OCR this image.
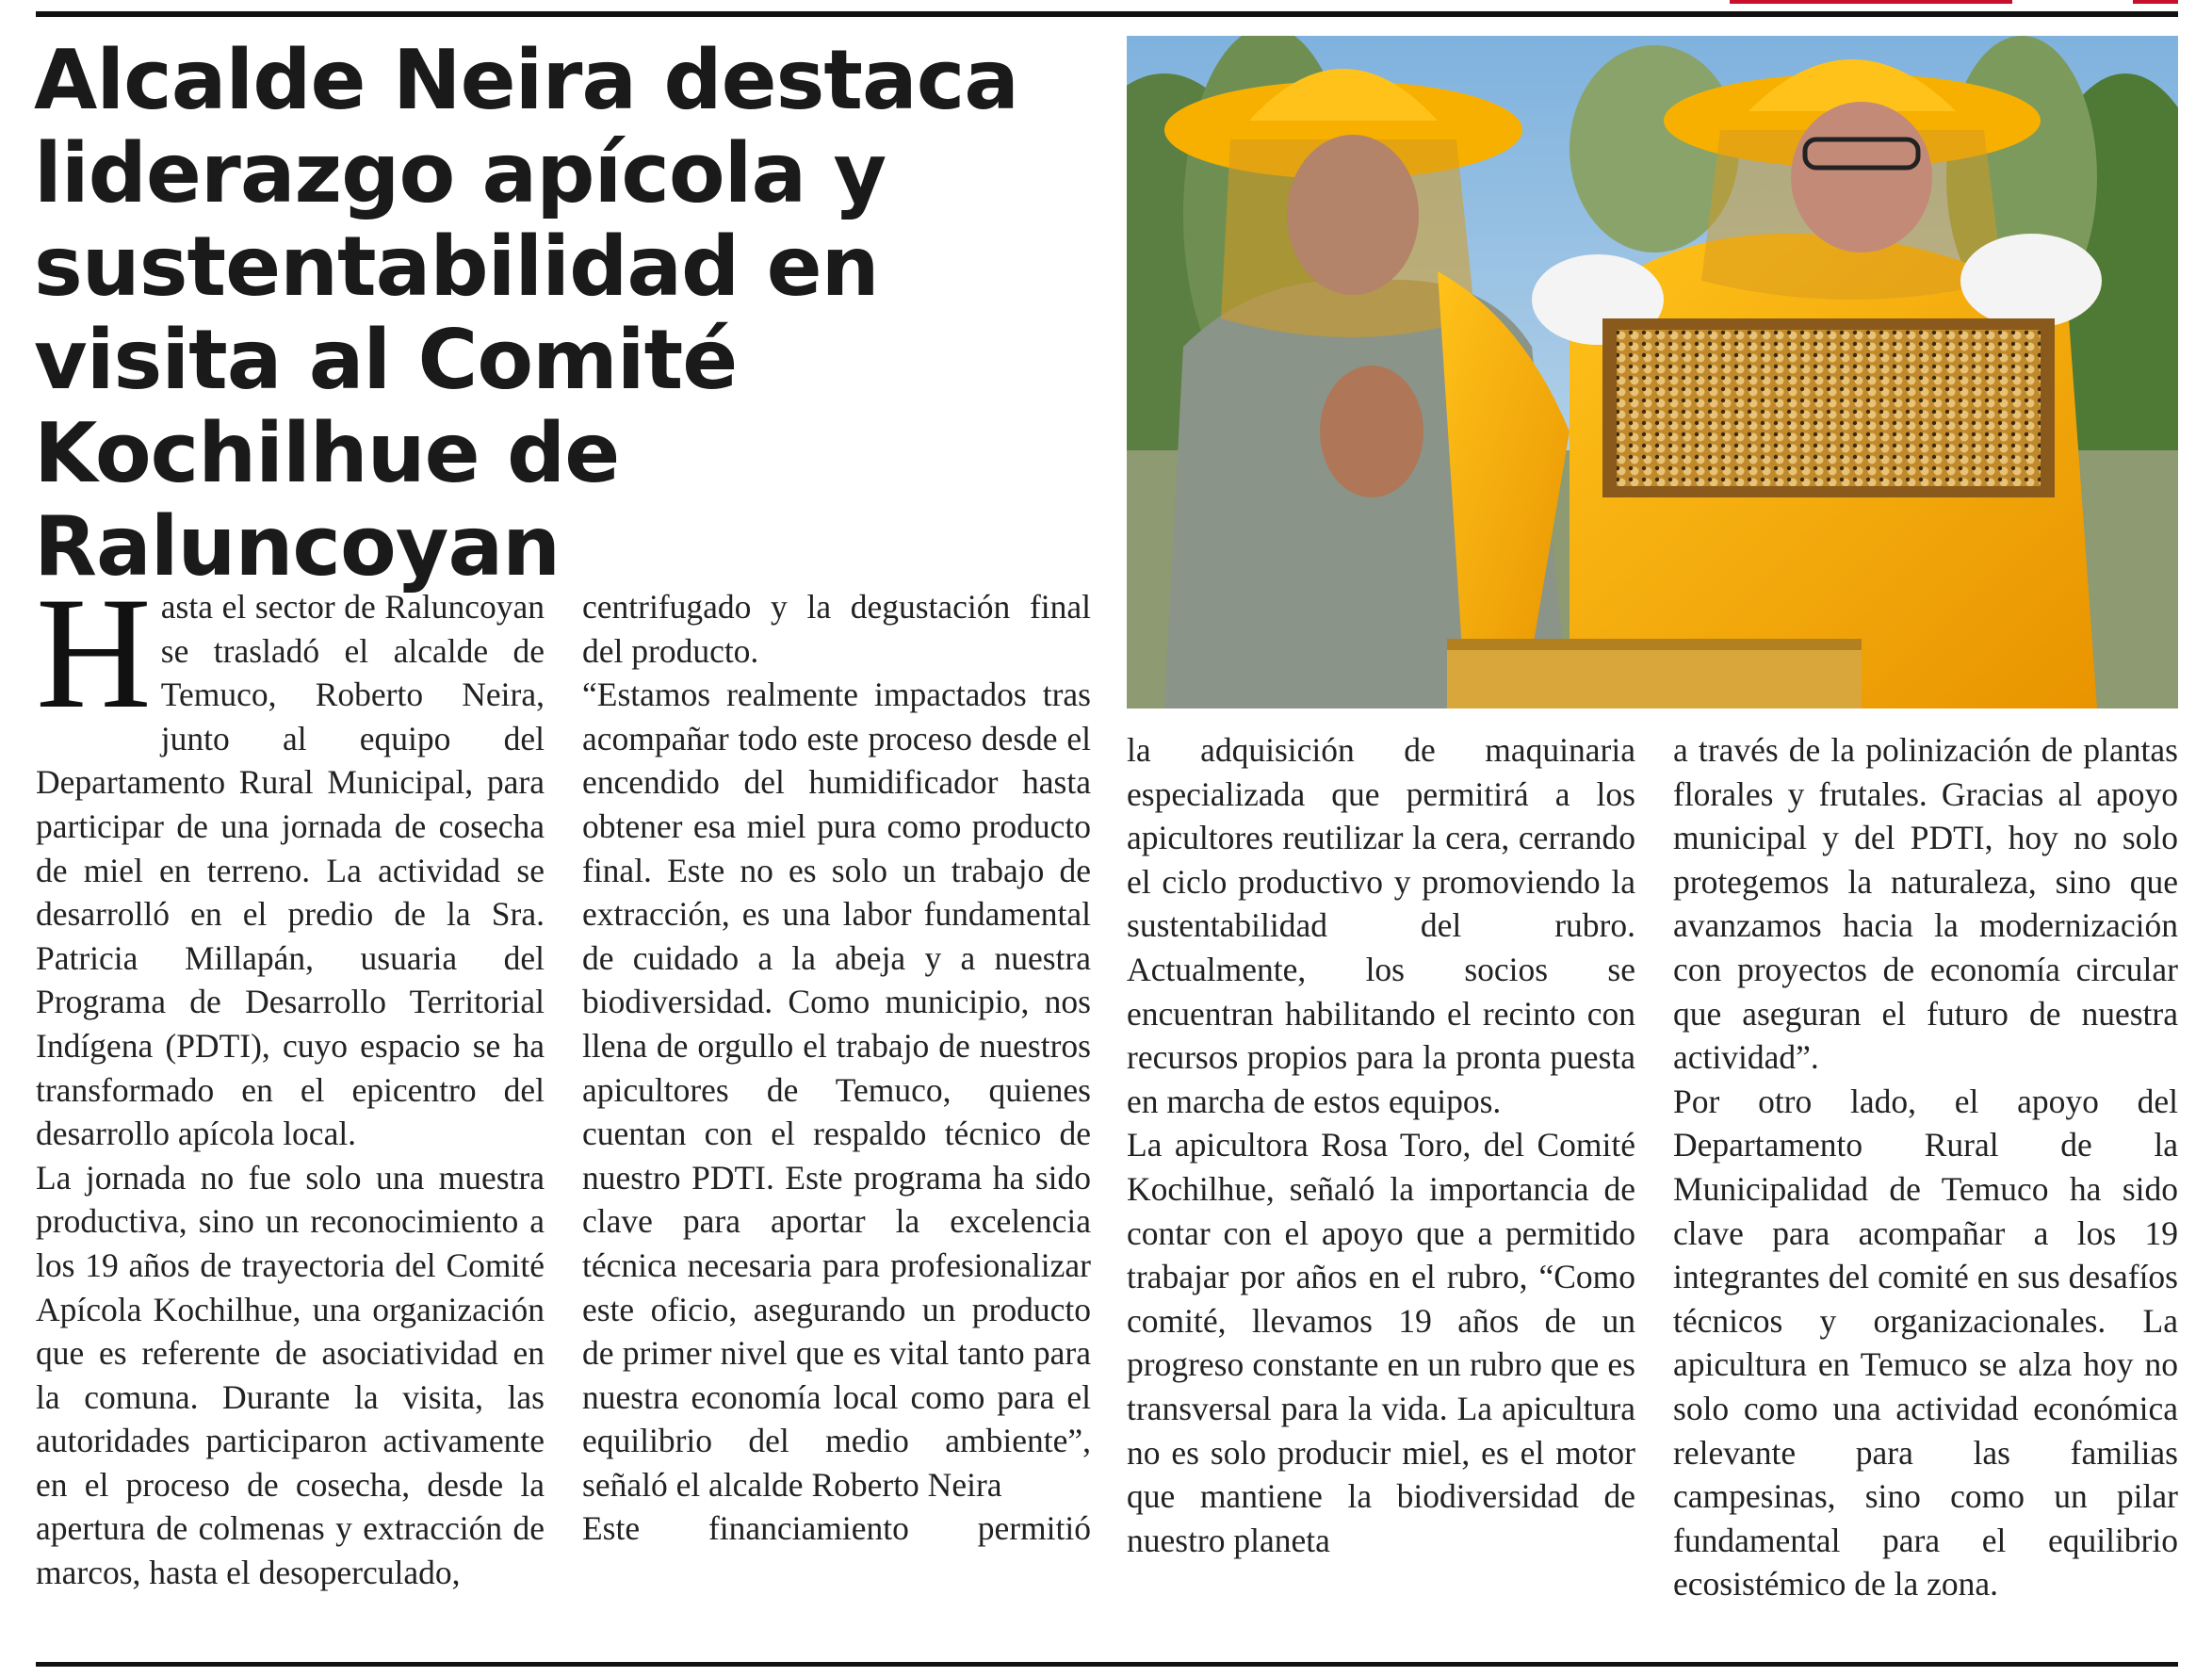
Alcalde Neira destaca liderazgo apícola y sustentabilidad en visita al Comité Kochilhue de Raluncoyan

Hasta el sector de Raluncoyan se trasladó el alcalde de Temuco, Roberto Neira, junto al equipo del Departamento Rural Municipal, para participar de una jornada de cosecha de miel en terreno. La actividad se desarrolló en el predio de la Sra. Patricia Millapán, usuaria del Programa de Desarrollo Territorial Indígena (PDTI), cuyo espacio se ha transformado en el epicentro del desarrollo apícola local.

La jornada no fue solo una muestra productiva, sino un reconocimiento a los 19 años de trayectoria del Comité Apícola Kochilhue, una organización que es referente de asociatividad en la comuna. Durante la visita, las autoridades participaron activamente en el proceso de cosecha, desde la apertura de colmenas y extracción de marcos, hasta el desoperculado,

centrifugado y la degustación final del producto.

“Estamos realmente impactados tras acompañar todo este proceso desde el encendido del humidificador hasta obtener esa miel pura como producto final. Este no es solo un trabajo de extracción, es una labor fundamental de cuidado a la abeja y a nuestra biodiversidad. Como municipio, nos llena de orgullo el trabajo de nuestros apicultores de Temuco, quienes cuentan con el respaldo técnico de nuestro PDTI. Este programa ha sido clave para aportar la excelencia técnica necesaria para profesionalizar este oficio, asegurando un producto de primer nivel que es vital tanto para nuestra economía local como para el equilibrio del medio ambiente”, señaló el alcalde Roberto Neira

Este financiamiento permitió

la adquisición de maquinaria especializada que permitirá a los apicultores reutilizar la cera, cerrando el ciclo productivo y promoviendo la sustentabilidad del rubro. Actualmente, los socios se encuentran habilitando el recinto con recursos propios para la pronta puesta en marcha de estos equipos.

La apicultora Rosa Toro, del Comité Kochilhue, señaló la importancia de contar con el apoyo que a permitido trabajar por años en el rubro, “Como comité, llevamos 19 años de un progreso constante en un rubro que es transversal para la vida. La apicultura no es solo producir miel, es el motor que mantiene la biodiversidad de nuestro planeta

a través de la polinización de plantas florales y frutales. Gracias al apoyo municipal y del PDTI, hoy no solo protegemos la naturaleza, sino que avanzamos hacia la modernización con proyectos de economía circular que aseguran el futuro de nuestra actividad”.

Por otro lado, el apoyo del Departamento Rural de la Municipalidad de Temuco ha sido clave para acompañar a los 19 integrantes del comité en sus desafíos técnicos y organizacionales. La apicultura en Temuco se alza hoy no solo como una actividad económica relevante para las familias campesinas, sino como un pilar fundamental para el equilibrio ecosistémico de la zona.
